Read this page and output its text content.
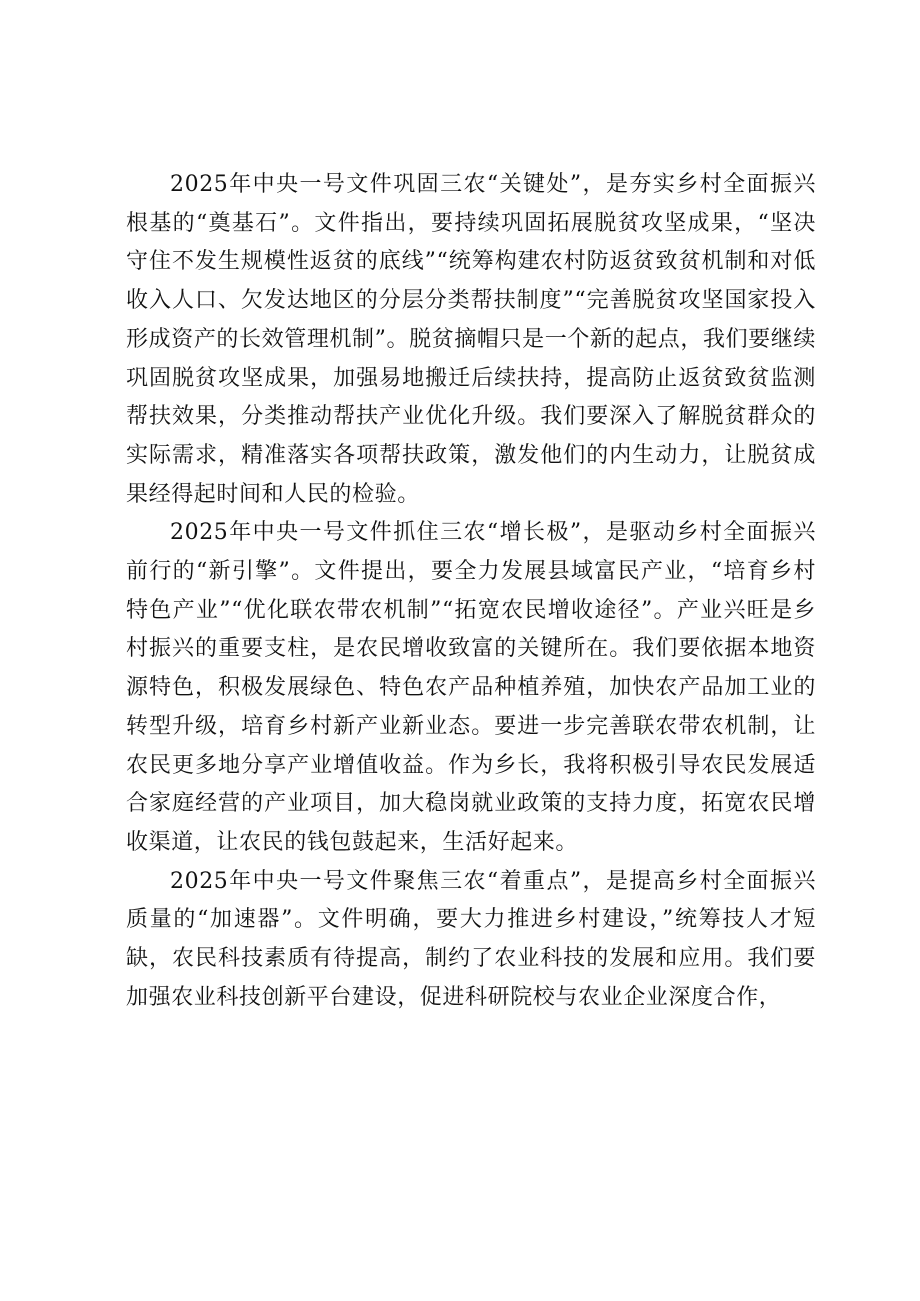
2025年中央一号文件巩固三农“关键处”，是夯实乡村全面振兴根基的“奠基石”。文件指出，要持续巩固拓展脱贫攻坚成果，“坚决守住不发生规模性返贫的底线”“统筹构建农村防返贫致贫机制和对低收入人口、欠发达地区的分层分类帮扶制度”“完善脱贫攻坚国家投入形成资产的长效管理机制”。脱贫摘帽只是一个新的起点，我们要继续巩固脱贫攻坚成果，加强易地搬迁后续扶持，提高防止返贫致贫监测帮扶效果，分类推动帮扶产业优化升级。我们要深入了解脱贫群众的实际需求，精准落实各项帮扶政策，激发他们的内生动力，让脱贫成果经得起时间和人民的检验。

2025年中央一号文件抓住三农“增长极”，是驱动乡村全面振兴前行的“新引擎”。文件提出，要全力发展县域富民产业，“培育乡村特色产业”“优化联农带农机制”“拓宽农民增收途径”。产业兴旺是乡村振兴的重要支柱，是农民增收致富的关键所在。我们要依据本地资源特色，积极发展绿色、特色农产品种植养殖，加快农产品加工业的转型升级，培育乡村新产业新业态。要进一步完善联农带农机制，让农民更多地分享产业增值收益。作为乡长，我将积极引导农民发展适合家庭经营的产业项目，加大稳岗就业政策的支持力度，拓宽农民增收渠道，让农民的钱包鼓起来，生活好起来。

2025年中央一号文件聚焦三农“着重点”，是提高乡村全面振兴质量的“加速器”。文件明确，要大力推进乡村建设，”统筹技人才短缺，农民科技素质有待提高，制约了农业科技的发展和应用。我们要加强农业科技创新平台建设，促进科研院校与农业企业深度合作，
